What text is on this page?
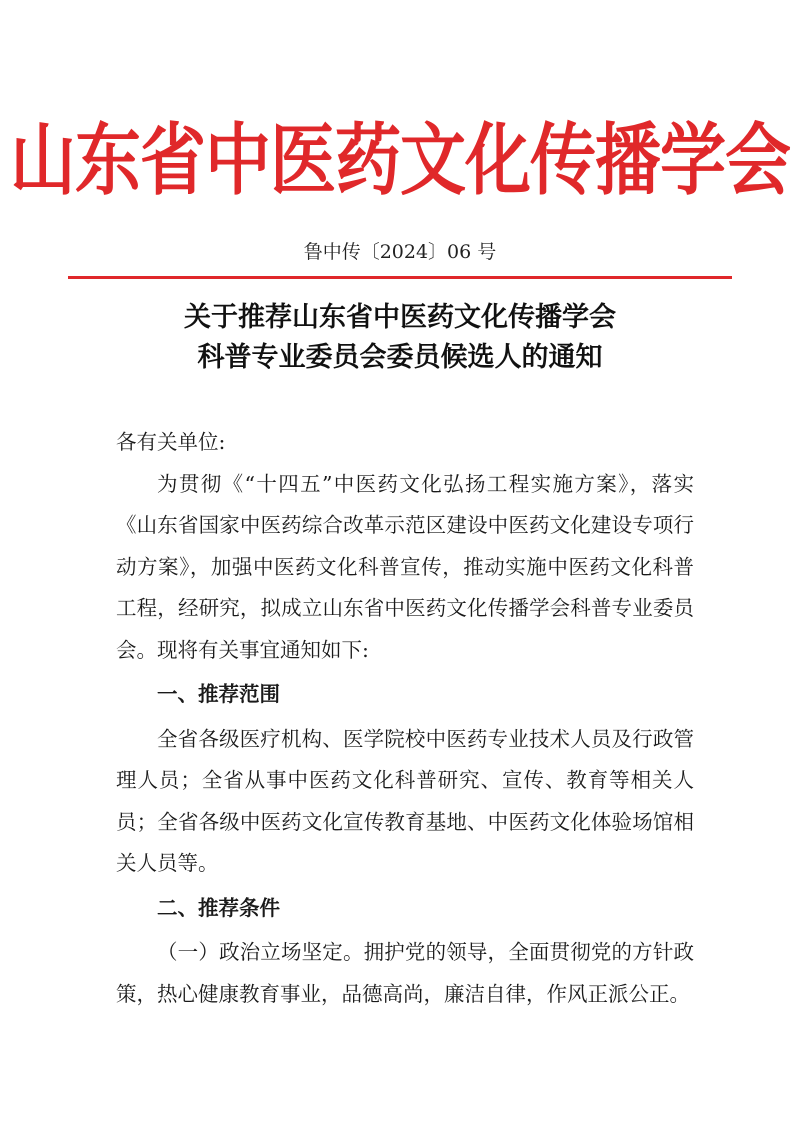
山东省中医药文化传播学会
鲁中传〔2024〕06 号
关于推荐山东省中医药文化传播学会
科普专业委员会委员候选人的通知

各有关单位:

为贯彻《“十四五”中医药文化弘扬工程实施方案》，落实《山东省国家中医药综合改革示范区建设中医药文化建设专项行动方案》，加强中医药文化科普宣传，推动实施中医药文化科普工程，经研究，拟成立山东省中医药文化传播学会科普专业委员会。现将有关事宜通知如下:

一、推荐范围

全省各级医疗机构、医学院校中医药专业技术人员及行政管理人员；全省从事中医药文化科普研究、宣传、教育等相关人员；全省各级中医药文化宣传教育基地、中医药文化体验场馆相关人员等。

二、推荐条件

（一）政治立场坚定。拥护党的领导，全面贯彻党的方针政策，热心健康教育事业，品德高尚，廉洁自律，作风正派公正。
